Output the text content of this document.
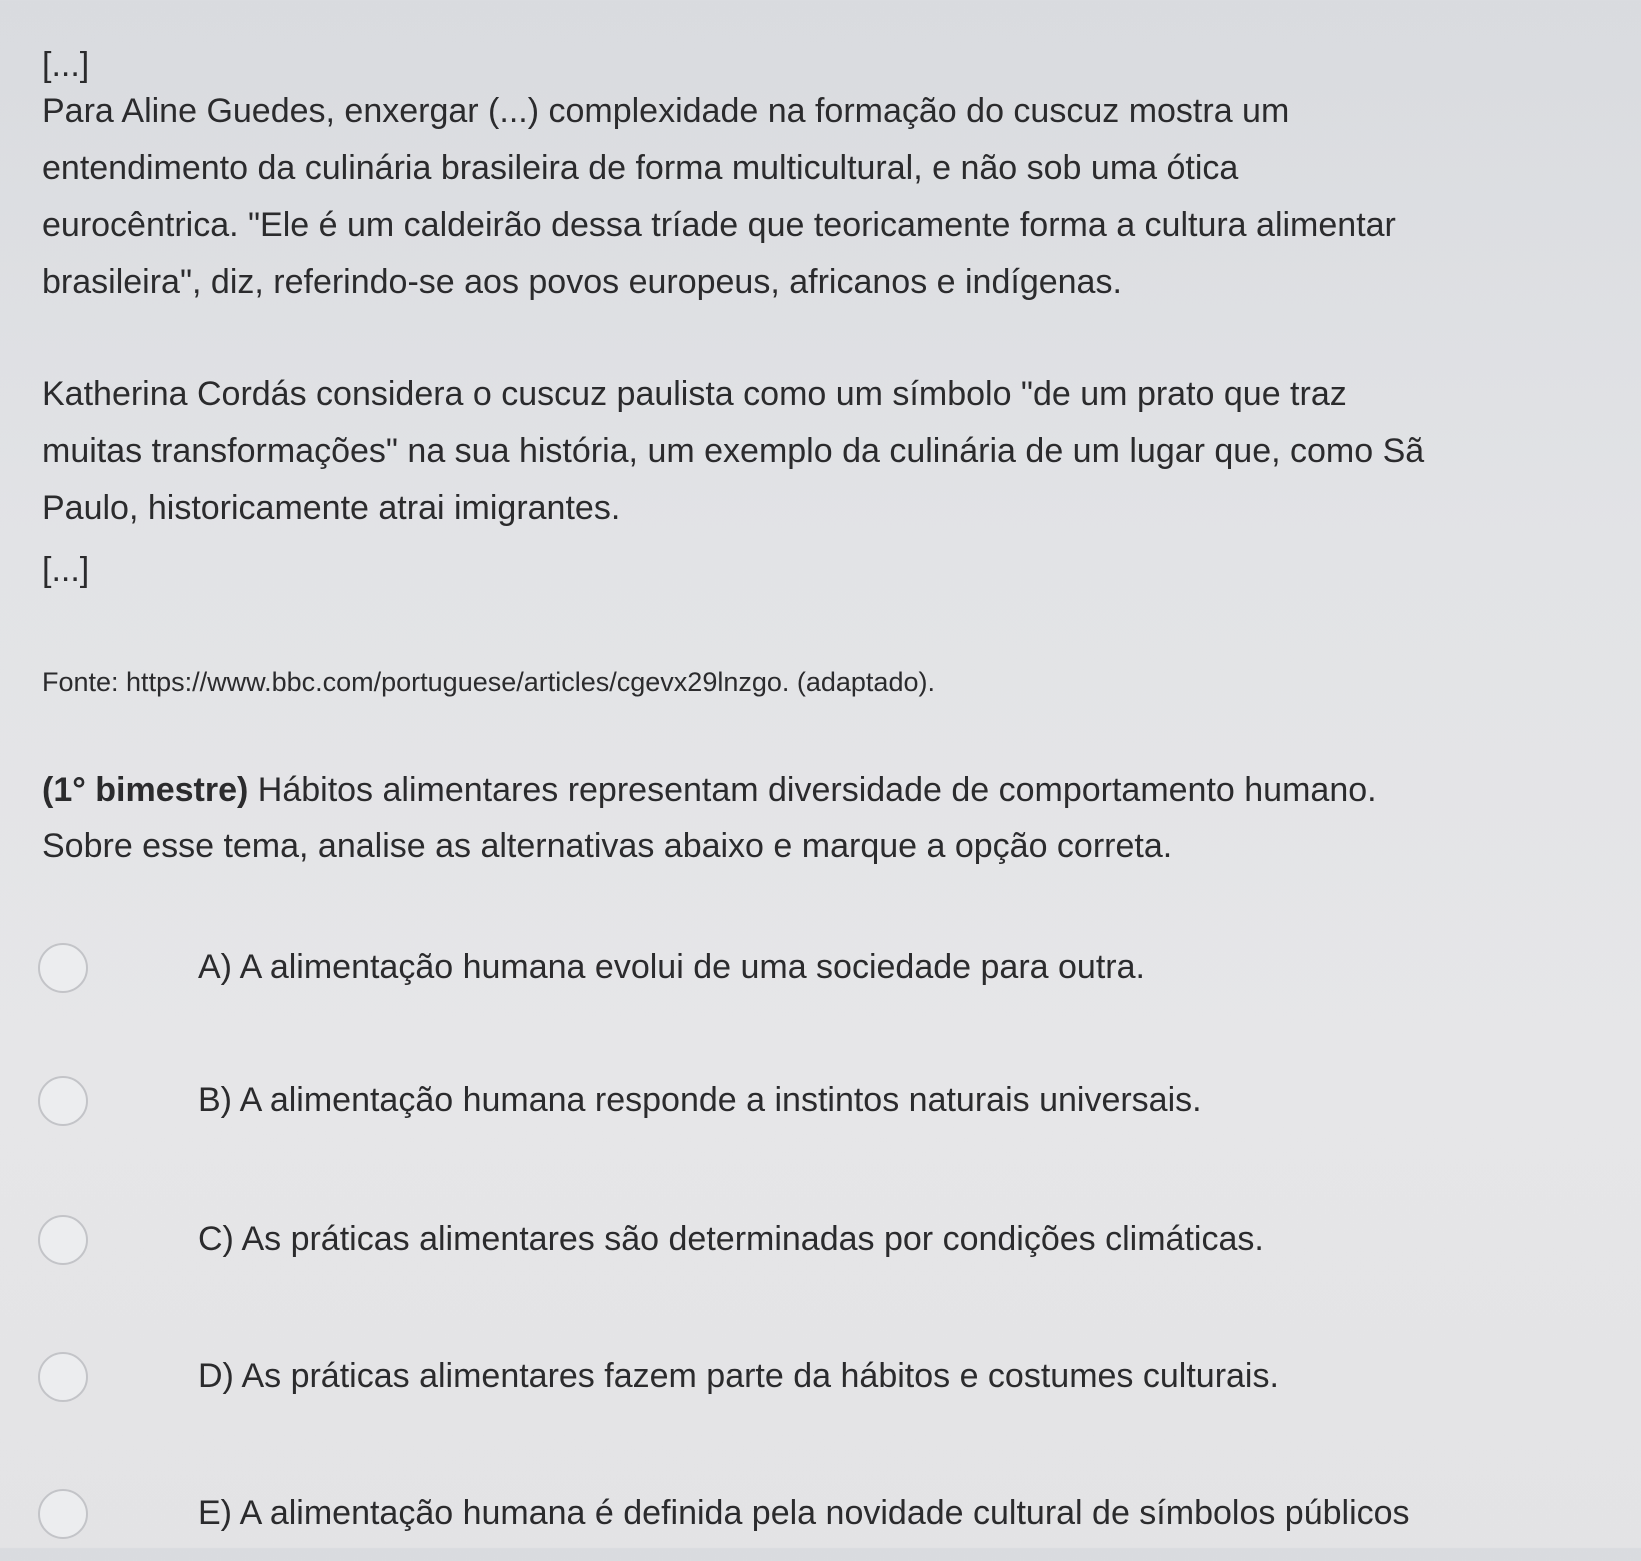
[...]

Para Aline Guedes, enxergar (...) complexidade na formação do cuscuz mostra um
entendimento da culinária brasileira de forma multicultural, e não sob uma ótica
eurocêntrica. "Ele é um caldeirão dessa tríade que teoricamente forma a cultura alimentar
brasileira", diz, referindo-se aos povos europeus, africanos e indígenas.
Katherina Cordás considera o cuscuz paulista como um símbolo "de um prato que traz
muitas transformações" na sua história, um exemplo da culinária de um lugar que, como Sã
Paulo, historicamente atrai imigrantes.

[...]

Fonte: https://www.bbc.com/portuguese/articles/cgevx29lnzgo. (adaptado).
(1° bimestre) Hábitos alimentares representam diversidade de comportamento humano.
Sobre esse tema, analise as alternativas abaixo e marque a opção correta.
A) A alimentação humana evolui de uma sociedade para outra.
B) A alimentação humana responde a instintos naturais universais.
C) As práticas alimentares são determinadas por condições climáticas.
D) As práticas alimentares fazem parte da hábitos e costumes culturais.
E) A alimentação humana é definida pela novidade cultural de símbolos públicos
